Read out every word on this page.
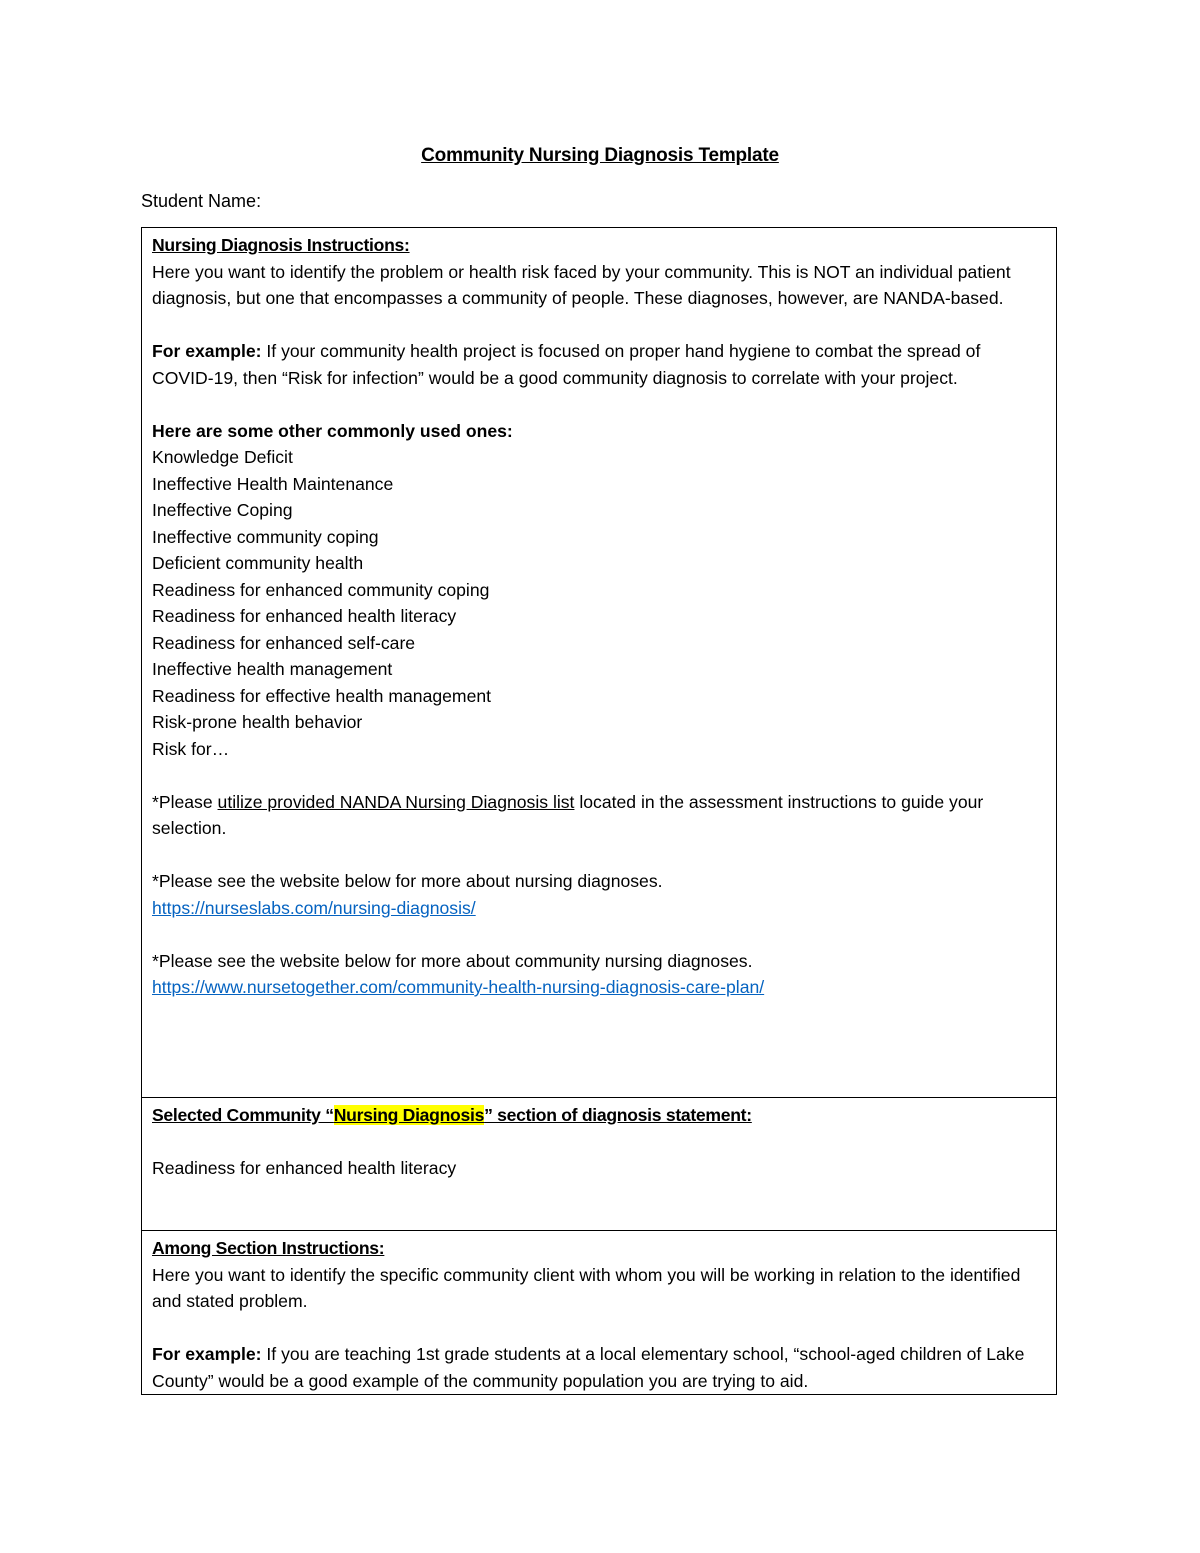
Community Nursing Diagnosis Template
Student Name:
Nursing Diagnosis Instructions:
Here you want to identify the problem or health risk faced by your community. This is NOT an individual patient diagnosis, but one that encompasses a community of people. These diagnoses, however, are NANDA-based.
For example: If your community health project is focused on proper hand hygiene to combat the spread of COVID-19, then “Risk for infection” would be a good community diagnosis to correlate with your project.
Here are some other commonly used ones:
Knowledge Deficit
Ineffective Health Maintenance
Ineffective Coping
Ineffective community coping
Deficient community health
Readiness for enhanced community coping
Readiness for enhanced health literacy
Readiness for enhanced self-care
Ineffective health management
Readiness for effective health management
Risk-prone health behavior
Risk for…
*Please utilize provided NANDA Nursing Diagnosis list located in the assessment instructions to guide your selection.
*Please see the website below for more about nursing diagnoses.
https://nurseslabs.com/nursing-diagnosis/
*Please see the website below for more about community nursing diagnoses.
https://www.nursetogether.com/community-health-nursing-diagnosis-care-plan/

Selected Community “Nursing Diagnosis” section of diagnosis statement:
Readiness for enhanced health literacy

Among Section Instructions:
Here you want to identify the specific community client with whom you will be working in relation to the identified and stated problem.
For example: If you are teaching 1st grade students at a local elementary school, “school-aged children of Lake County” would be a good example of the community population you are trying to aid.
